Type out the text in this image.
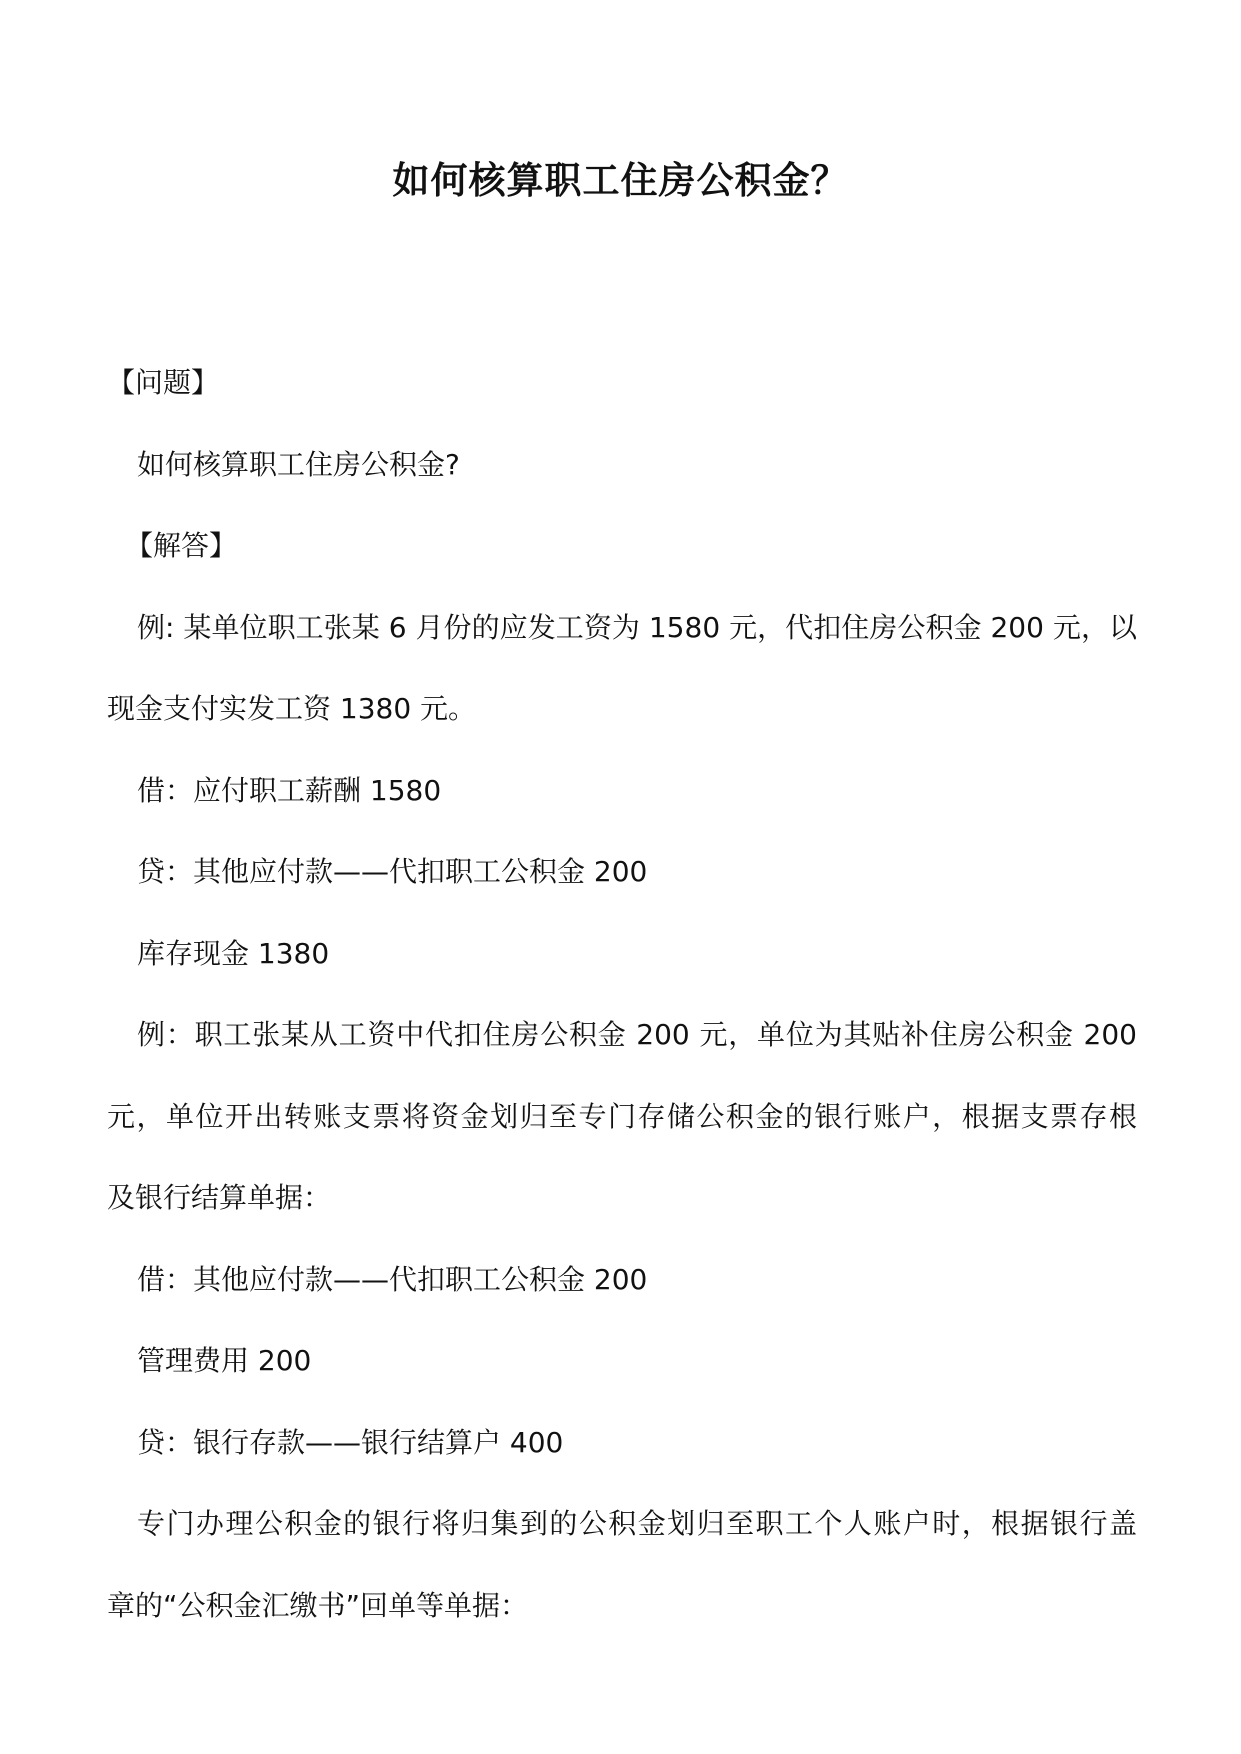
如何核算职工住房公积金？

【问题】

如何核算职工住房公积金?

【解答】

例: 某单位职工张某 6 月份的应发工资为 1580 元，代扣住房公积金 200 元，以

现金支付实发工资 1380 元。

借：应付职工薪酬 1580

贷：其他应付款——代扣职工公积金 200

库存现金 1380

例：职工张某从工资中代扣住房公积金 200 元，单位为其贴补住房公积金 200

元，单位开出转账支票将资金划归至专门存储公积金的银行账户，根据支票存根

及银行结算单据：

借：其他应付款——代扣职工公积金 200

管理费用 200

贷：银行存款——银行结算户 400

专门办理公积金的银行将归集到的公积金划归至职工个人账户时，根据银行盖

章的“公积金汇缴书”回单等单据：
